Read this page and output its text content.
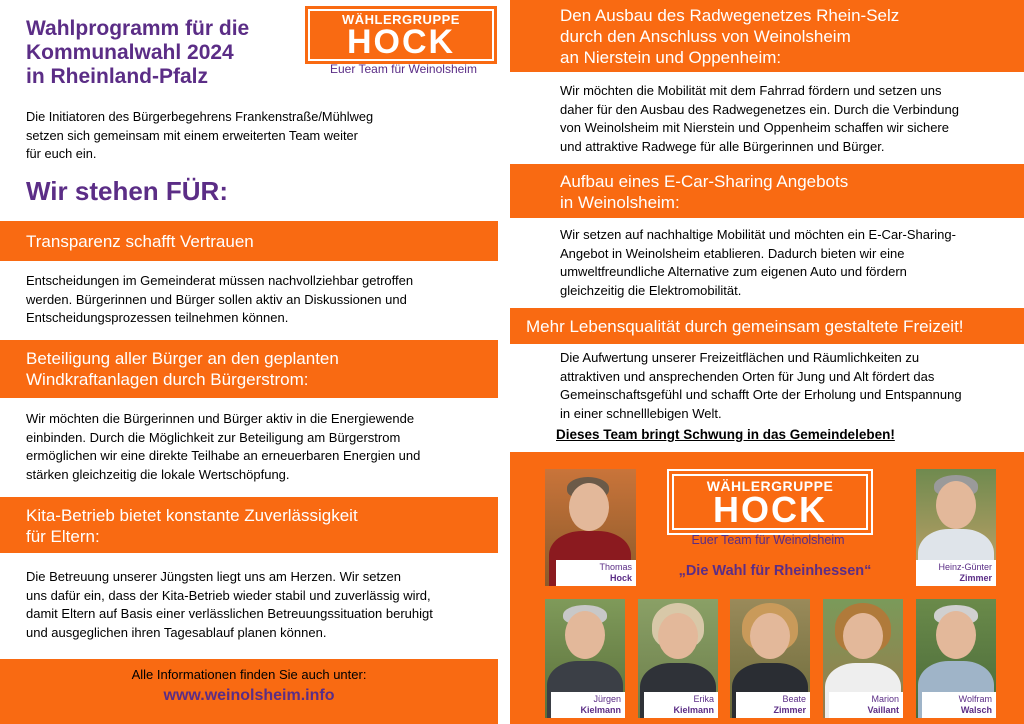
Wahlprogramm für die
Kommunalwahl 2024
in Rheinland-Pfalz
Die Initiatoren des Bürgerbegehrens Frankenstraße/Mühlweg
setzen sich gemeinsam mit einem erweiterten Team weiter
für euch ein.
Wir stehen FÜR:
Transparenz schafft Vertrauen
Entscheidungen im Gemeinderat müssen nachvollziehbar getroffen
werden. Bürgerinnen und Bürger sollen aktiv an Diskussionen und
Entscheidungsprozessen teilnehmen können.
Beteiligung aller Bürger an den geplanten
Windkraftanlagen durch Bürgerstrom:
Wir möchten die Bürgerinnen und Bürger aktiv in die Energiewende
einbinden. Durch die Möglichkeit zur Beteiligung am Bürgerstrom
ermöglichen wir eine direkte Teilhabe an erneuerbaren Energien und
stärken gleichzeitig die lokale Wertschöpfung.
Kita-Betrieb bietet konstante Zuverlässigkeit
für Eltern:
Die Betreuung unserer Jüngsten liegt uns am Herzen. Wir setzen
uns dafür ein, dass der Kita-Betrieb wieder stabil und zuverlässig wird,
damit Eltern auf Basis einer verlässlichen Betreuungssituation beruhigt
und ausgeglichen ihren Tagesablauf planen können.
Alle Informationen finden Sie auch unter:
www.weinolsheim.info
WÄHLERGRUPPE
HOCK
Euer Team für Weinolsheim
Den Ausbau des Radwegenetzes Rhein-Selz
durch den Anschluss von Weinolsheim
an Nierstein und Oppenheim:
Wir möchten die Mobilität mit dem Fahrrad fördern und setzen uns
daher für den Ausbau des Radwegenetzes ein. Durch die Verbindung
von Weinolsheim mit Nierstein und Oppenheim schaffen wir sichere
und attraktive Radwege für alle Bürgerinnen und Bürger.
Aufbau eines E-Car-Sharing Angebots
in Weinolsheim:
Wir setzen auf nachhaltige Mobilität und möchten ein E-Car-Sharing-
Angebot in Weinolsheim etablieren. Dadurch bieten wir eine
umweltfreundliche Alternative zum eigenen Auto und fördern
gleichzeitig die Elektromobilität.
Mehr Lebensqualität durch gemeinsam gestaltete Freizeit!
Die Aufwertung unserer Freizeitflächen und Räumlichkeiten zu
attraktiven und ansprechenden Orten für Jung und Alt fördert das
Gemeinschaftsgefühl und schafft Orte der Erholung und Entspannung
in einer schnelllebigen Welt.
Dieses Team bringt Schwung in das Gemeindeleben!
WÄHLERGRUPPE
HOCK
Euer Team für Weinolsheim
„Die Wahl für Rheinhessen“
Thomas
Hock
Heinz-Günter
Zimmer
Jürgen
Kielmann
Erika
Kielmann
Beate
Zimmer
Marion
Vaillant
Wolfram
Walsch
